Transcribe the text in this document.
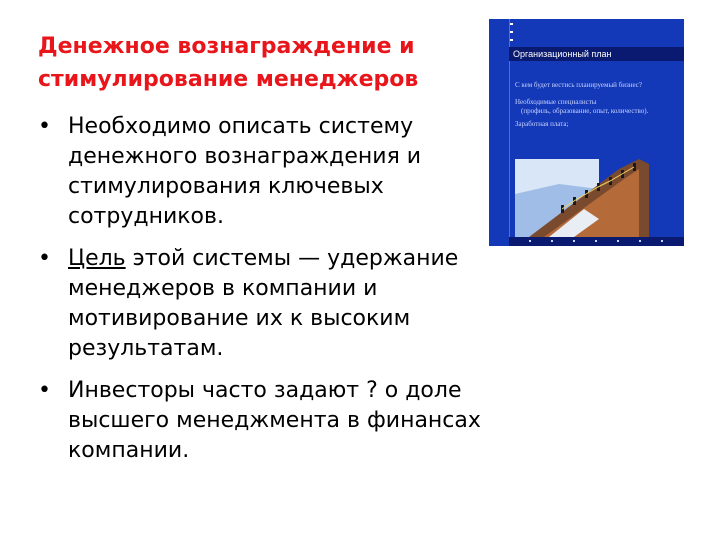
Денежное вознаграждение и
стимулирование менеджеров
• Необходимо описать систему
денежного вознаграждения и
стимулирования ключевых
сотрудников.
• Цель этой системы — удержание
менеджеров в компании и
мотивирование их к высоким
результатам.
• Инвесторы часто задают ? о доле
высшего менеджмента в финансах
компании.
Организационный план
С кем будет вестись планируемый бизнес?
Необходимые специалисты
(профиль, образование, опыт, количество).
Заработная плата;
